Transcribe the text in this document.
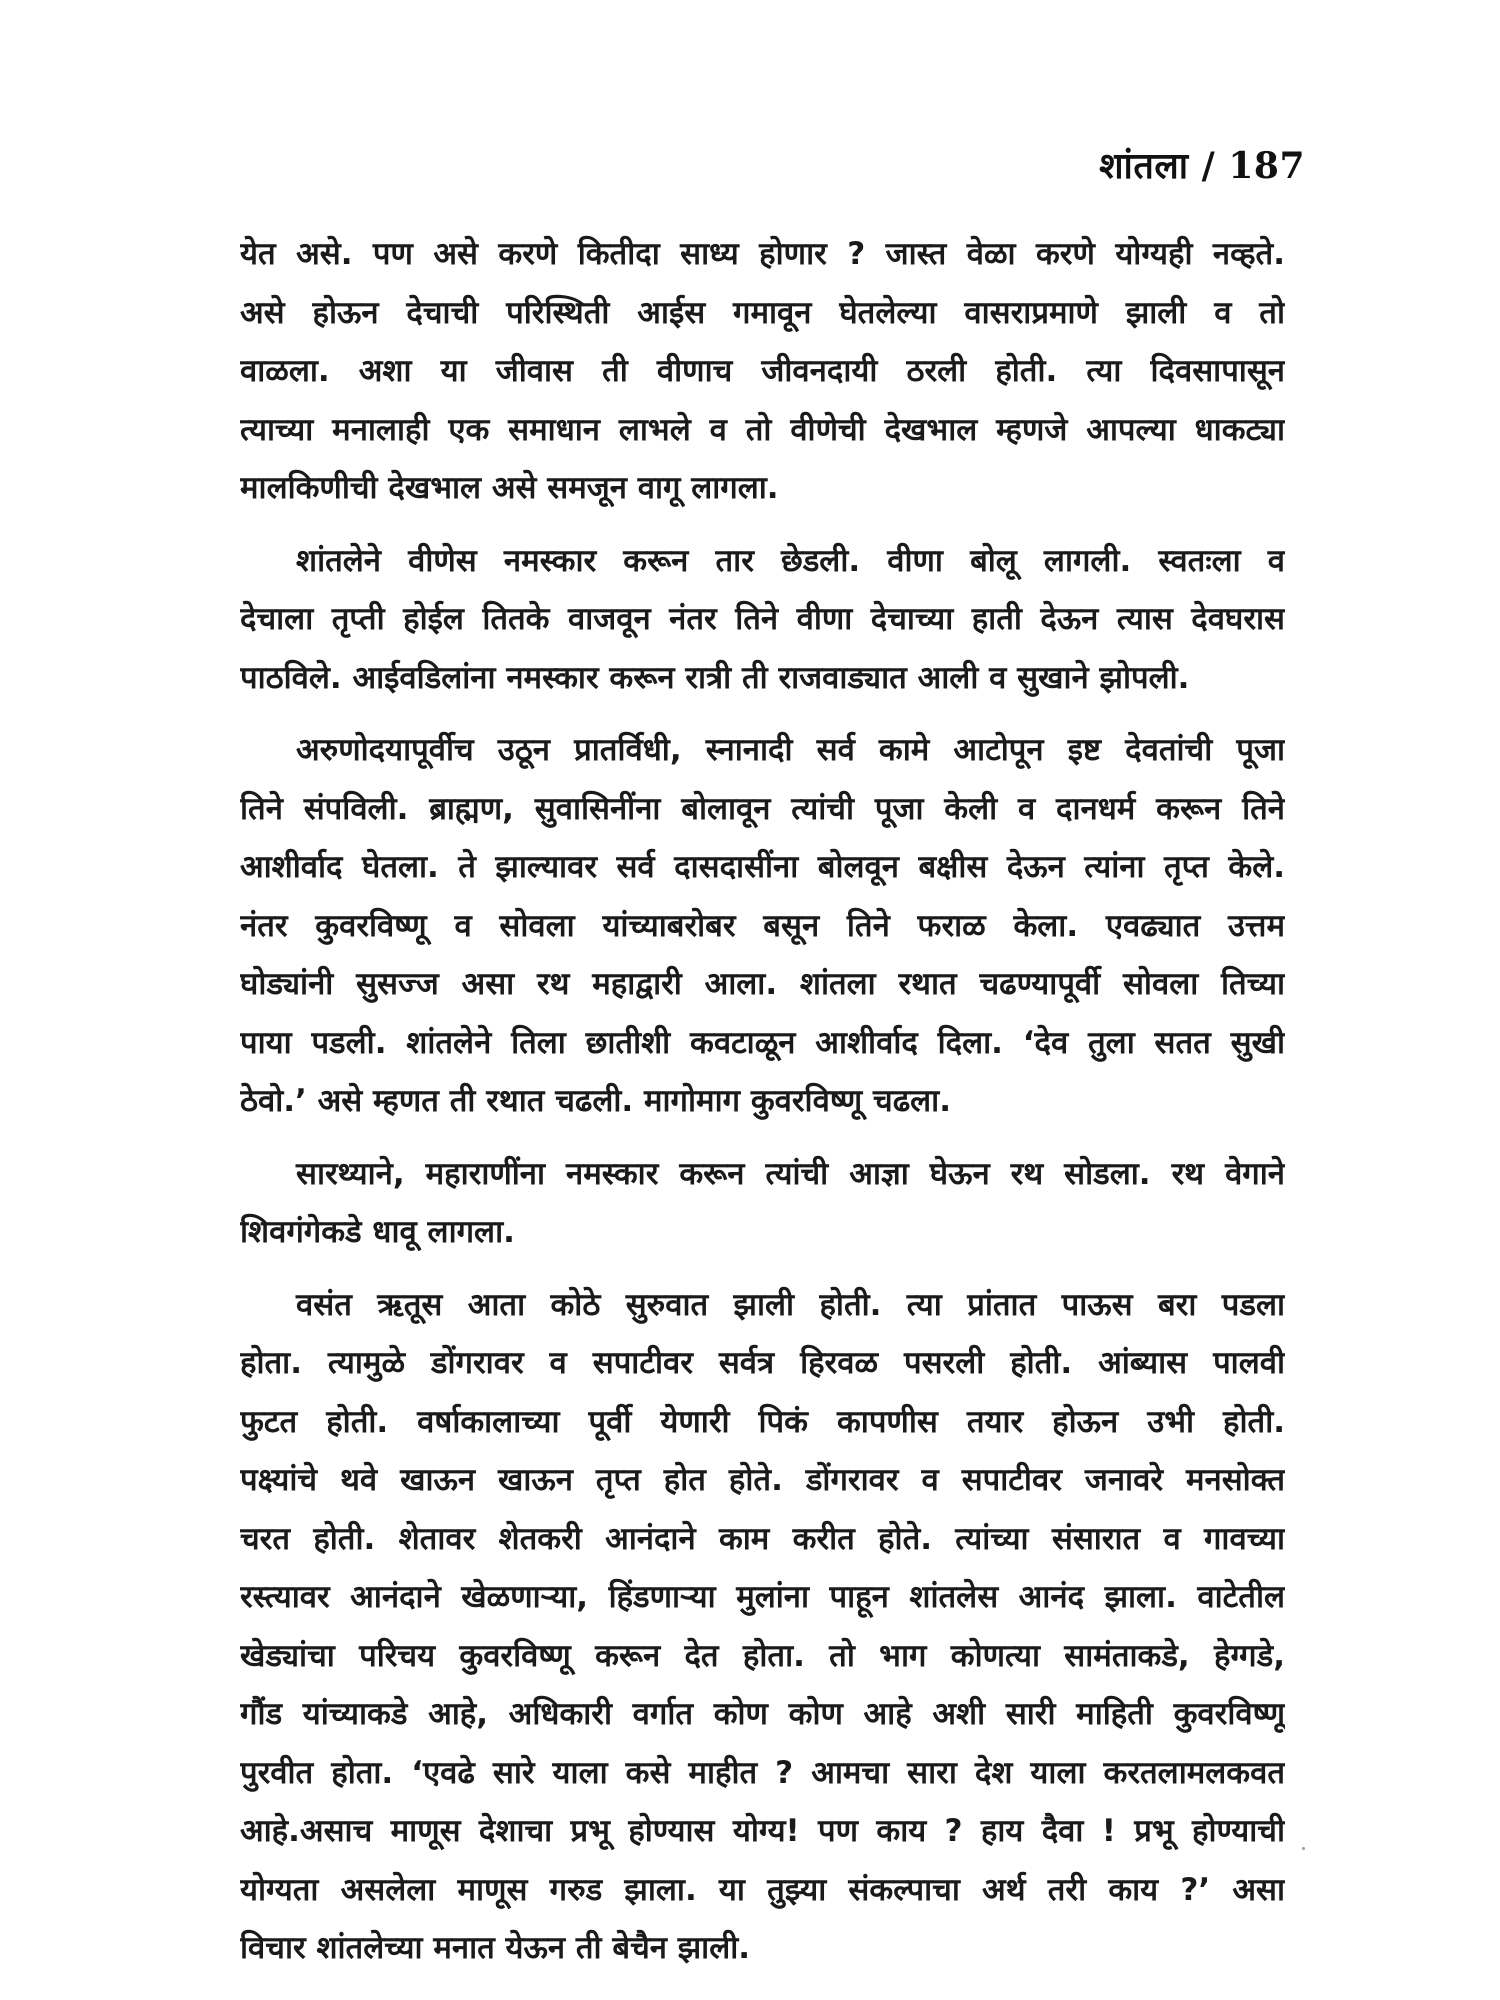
शांतला / 187

येत असे. पण असे करणे कितीदा साध्य होणार ? जास्त वेळा करणे योग्यही नव्हते.
असे होऊन देचाची परिस्थिती आईस गमावून घेतलेल्या वासराप्रमाणे झाली व तो
वाळला. अशा या जीवास ती वीणाच जीवनदायी ठरली होती. त्या दिवसापासून
त्याच्या मनालाही एक समाधान लाभले व तो वीणेची देखभाल म्हणजे आपल्या धाकट्या
मालकिणीची देखभाल असे समजून वागू लागला.

शांतलेने वीणेस नमस्कार करून तार छेडली. वीणा बोलू लागली. स्वतःला व
देचाला तृप्ती होईल तितके वाजवून नंतर तिने वीणा देचाच्या हाती देऊन त्यास देवघरास
पाठविले. आईवडिलांना नमस्कार करून रात्री ती राजवाड्यात आली व सुखाने झोपली.

अरुणोदयापूर्वीच उठून प्रातर्विधी, स्नानादी सर्व कामे आटोपून इष्ट देवतांची पूजा
तिने संपविली. ब्राह्मण, सुवासिनींना बोलावून त्यांची पूजा केली व दानधर्म करून तिने
आशीर्वाद घेतला. ते झाल्यावर सर्व दासदासींना बोलवून बक्षीस देऊन त्यांना तृप्त केले.
नंतर कुवरविष्णू व सोवला यांच्याबरोबर बसून तिने फराळ केला. एवढ्यात उत्तम
घोड्यांनी सुसज्ज असा रथ महाद्वारी आला. शांतला रथात चढण्यापूर्वी सोवला तिच्या
पाया पडली. शांतलेने तिला छातीशी कवटाळून आशीर्वाद दिला. ‘देव तुला सतत सुखी
ठेवो.’ असे म्हणत ती रथात चढली. मागोमाग कुवरविष्णू चढला.

सारथ्याने, महाराणींना नमस्कार करून त्यांची आज्ञा घेऊन रथ सोडला. रथ वेगाने
शिवगंगेकडे धावू लागला.

वसंत ऋतूस आता कोठे सुरुवात झाली होती. त्या प्रांतात पाऊस बरा पडला
होता. त्यामुळे डोंगरावर व सपाटीवर सर्वत्र हिरवळ पसरली होती. आंब्यास पालवी
फुटत होती. वर्षाकालाच्या पूर्वी येणारी पिकं कापणीस तयार होऊन उभी होती.
पक्ष्यांचे थवे खाऊन खाऊन तृप्त होत होते. डोंगरावर व सपाटीवर जनावरे मनसोक्त
चरत होती. शेतावर शेतकरी आनंदाने काम करीत होते. त्यांच्या संसारात व गावच्या
रस्त्यावर आनंदाने खेळणाऱ्या, हिंडणाऱ्या मुलांना पाहून शांतलेस आनंद झाला. वाटेतील
खेड्यांचा परिचय कुवरविष्णू करून देत होता. तो भाग कोणत्या सामंताकडे, हेग्गडे,
गौंड यांच्याकडे आहे, अधिकारी वर्गात कोण कोण आहे अशी सारी माहिती कुवरविष्णू
पुरवीत होता. ‘एवढे सारे याला कसे माहीत ? आमचा सारा देश याला करतलामलकवत
आहे.असाच माणूस देशाचा प्रभू होण्यास योग्य! पण काय ? हाय दैवा ! प्रभू होण्याची
योग्यता असलेला माणूस गरुड झाला. या तुझ्या संकल्पाचा अर्थ तरी काय ?’ असा
विचार शांतलेच्या मनात येऊन ती बेचैन झाली.
